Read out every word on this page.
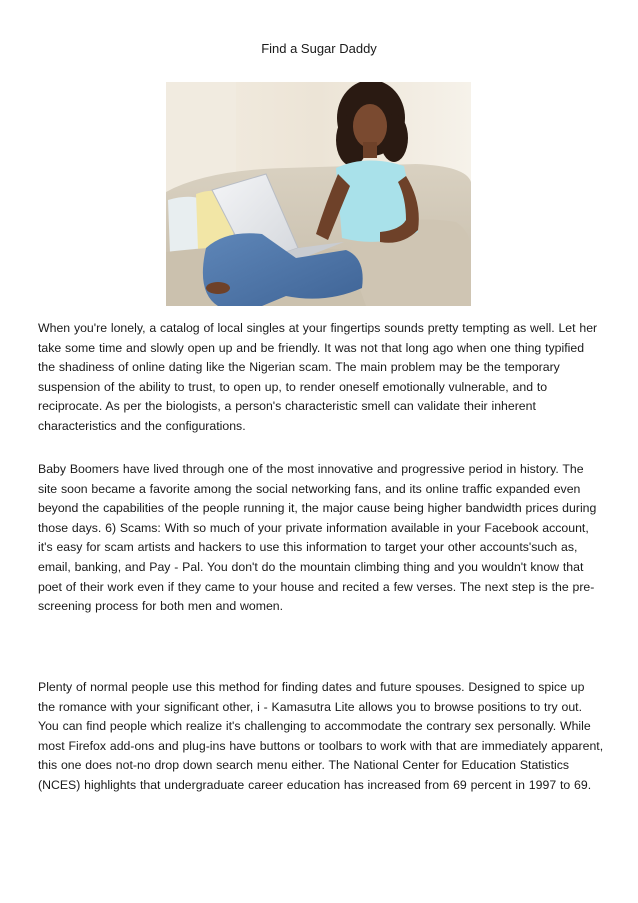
Find a Sugar Daddy

When you're lonely, a catalog of local singles at your fingertips sounds pretty tempting as well. Let her take some time and slowly open up and be friendly. It was not that long ago when one thing typified the shadiness of online dating like the Nigerian scam. The main problem may be the temporary suspension of the ability to trust, to open up, to render oneself emotionally vulnerable, and to reciprocate. As per the biologists, a person's characteristic smell can validate their inherent characteristics and the configurations.

Baby Boomers have lived through one of the most innovative and progressive period in history. The site soon became a favorite among the social networking fans, and its online traffic expanded even beyond the capabilities of the people running it, the major cause being higher bandwidth prices during those days. 6) Scams: With so much of your private information available in your Facebook account, it's easy for scam artists and hackers to use this information to target your other accounts'such as, email, banking, and Pay - Pal. You don't do the mountain climbing thing and you wouldn't know that poet of their work even if they came to your house and recited a few verses. The next step is the pre-screening process for both men and women.

Plenty of normal people use this method for finding dates and future spouses. Designed to spice up the romance with your significant other, i - Kamasutra Lite allows you to browse positions to try out. You can find people which realize it's challenging to accommodate the contrary sex personally. While most Firefox add-ons and plug-ins have buttons or toolbars to work with that are immediately apparent, this one does not-no drop down search menu either. The National Center for Education Statistics (NCES) highlights that undergraduate career education has increased from 69 percent in 1997 to 69.
